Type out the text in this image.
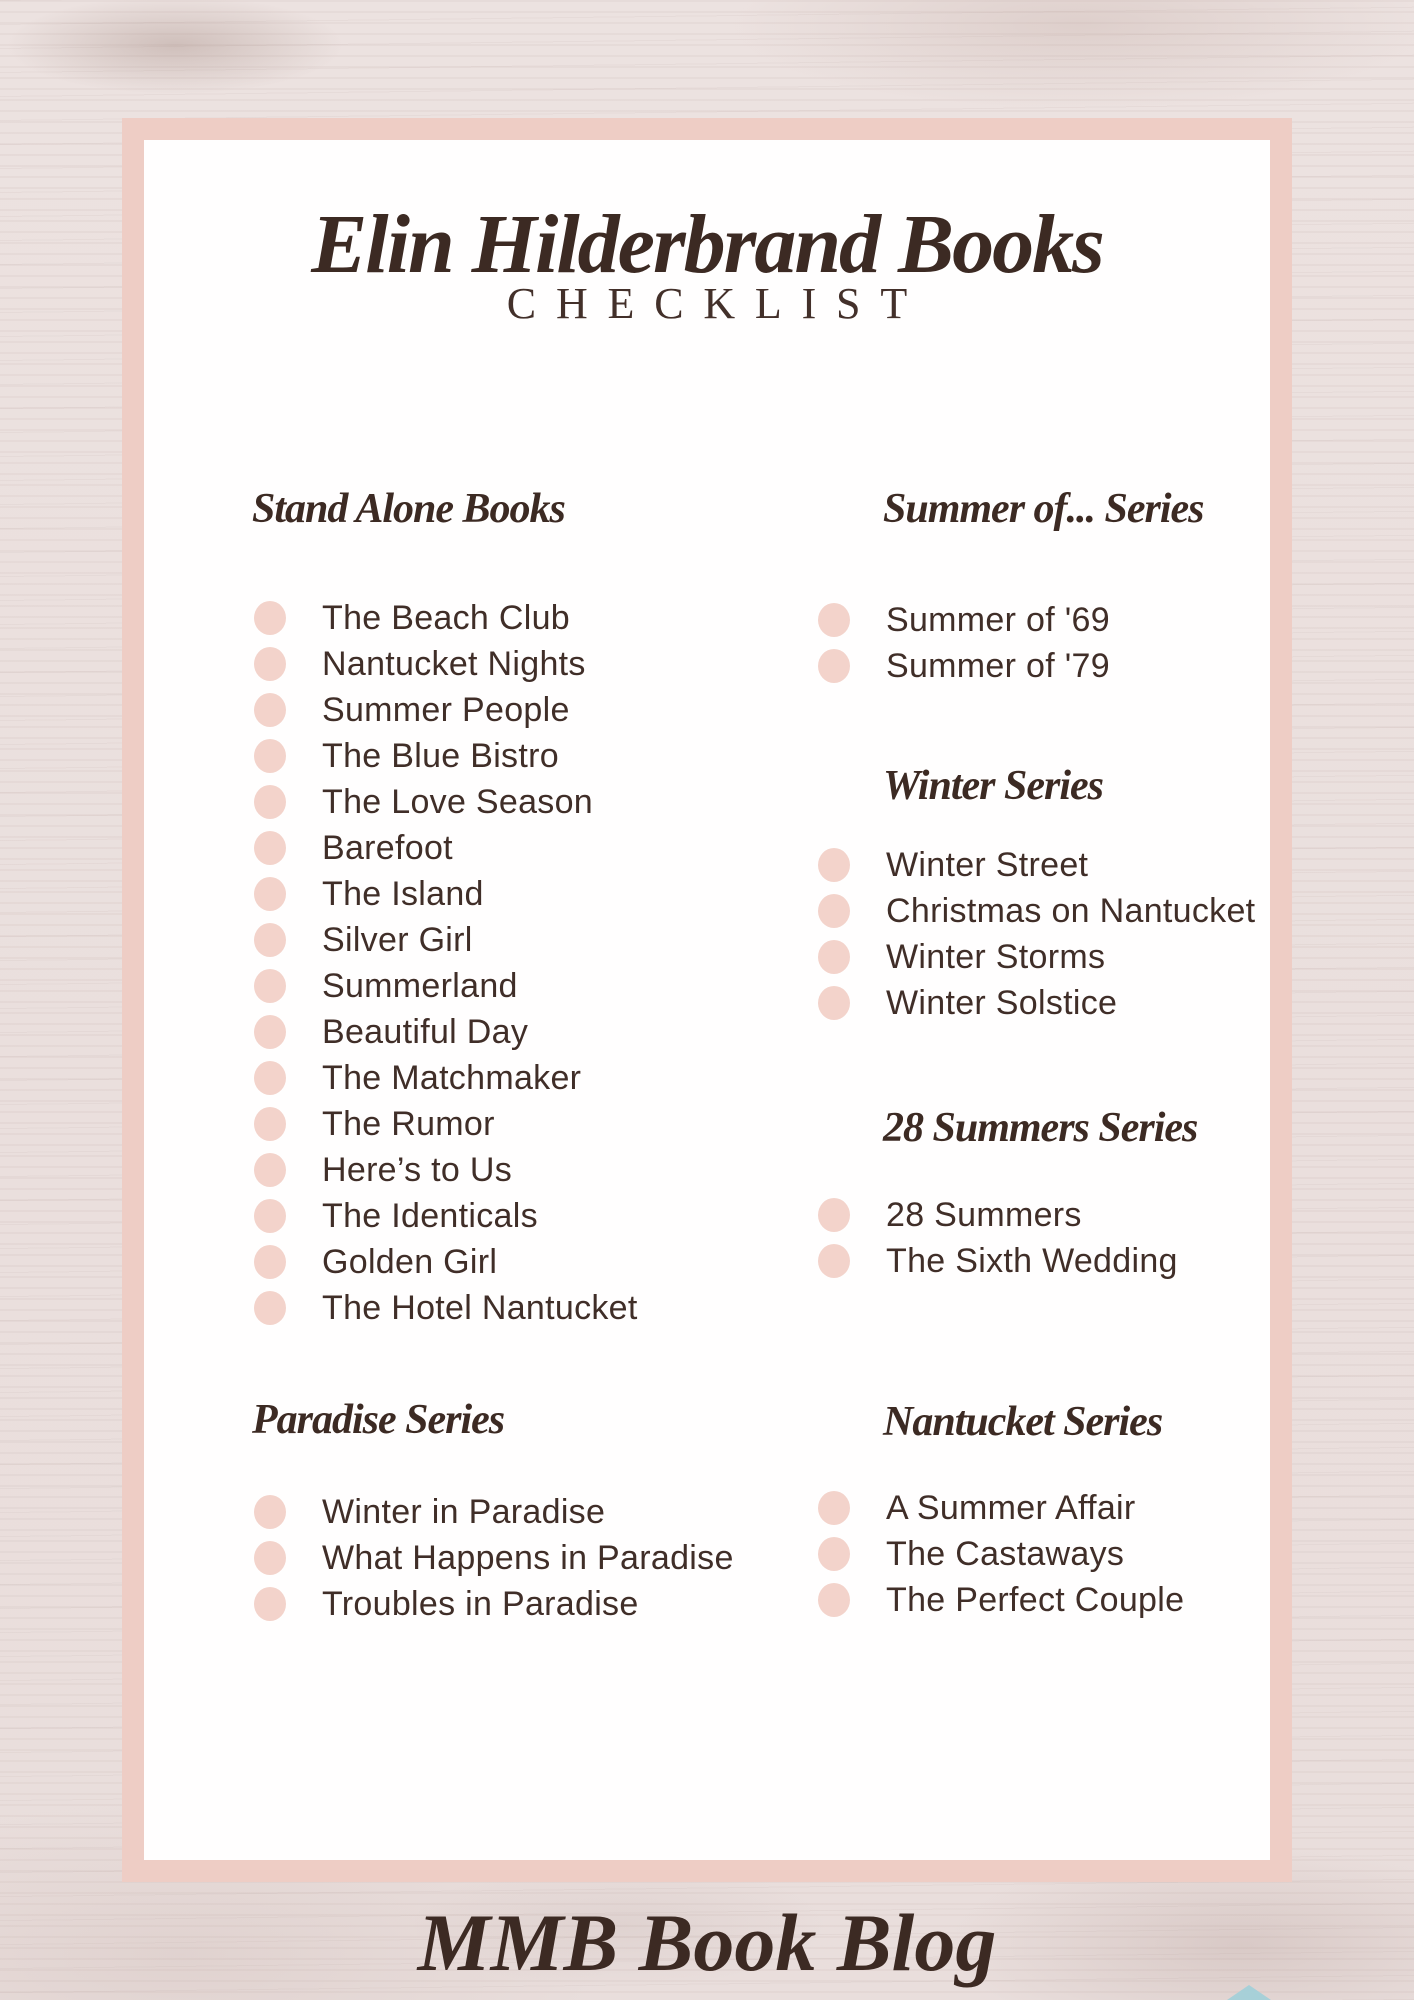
Elin Hilderbrand Books
CHECKLIST
Stand Alone Books
The Beach Club
Nantucket Nights
Summer People
The Blue Bistro
The Love Season
Barefoot
The Island
Silver Girl
Summerland
Beautiful Day
The Matchmaker
The Rumor
Here’s to Us
The Identicals
Golden Girl
The Hotel Nantucket
Summer of... Series
Summer of '69
Summer of '79
Winter Series
Winter Street
Christmas on Nantucket
Winter Storms
Winter Solstice
28 Summers Series
28 Summers
The Sixth Wedding
Paradise Series
Winter in Paradise
What Happens in Paradise
Troubles in Paradise
Nantucket Series
A Summer Affair
The Castaways
The Perfect Couple
MMB Book Blog
